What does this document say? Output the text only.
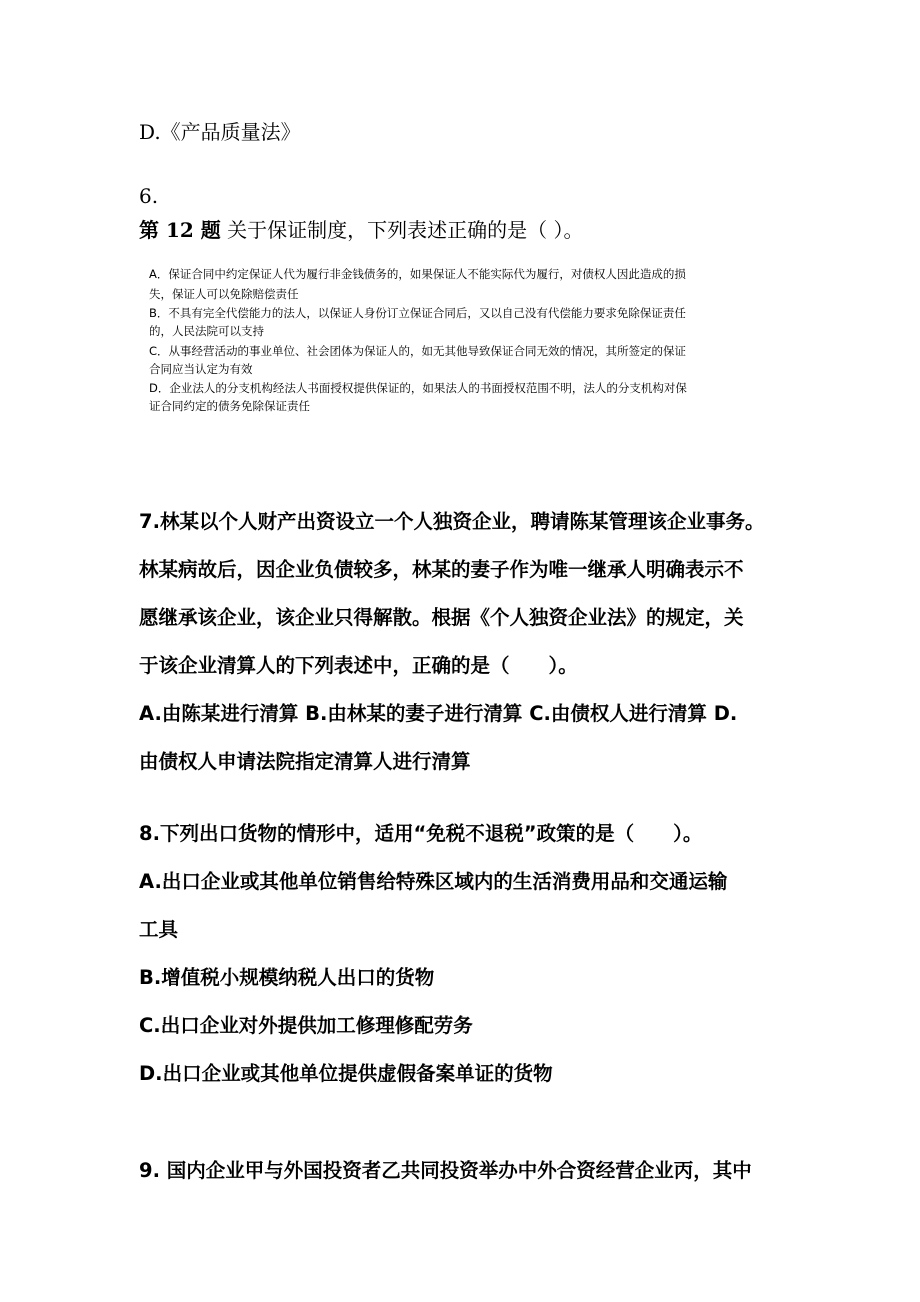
D.《产品质量法》
6.
第 12 题 关于保证制度，下列表述正确的是（ ）。
A．保证合同中约定保证人代为履行非金钱债务的，如果保证人不能实际代为履行，对债权人因此造成的损
失，保证人可以免除赔偿责任
B．不具有完全代偿能力的法人，以保证人身份订立保证合同后，又以自己没有代偿能力要求免除保证责任
的，人民法院可以支持
C．从事经营活动的事业单位、社会团体为保证人的，如无其他导致保证合同无效的情况，其所签定的保证
合同应当认定为有效
D．企业法人的分支机构经法人书面授权提供保证的，如果法人的书面授权范围不明，法人的分支机构对保
证合同约定的债务免除保证责任
7.林某以个人财产出资设立一个人独资企业，聘请陈某管理该企业事务。
林某病故后，因企业负债较多，林某的妻子作为唯一继承人明确表示不
愿继承该企业，该企业只得解散。根据《个人独资企业法》的规定，关
于该企业清算人的下列表述中，正确的是（　　）。
A.由陈某进行清算 B.由林某的妻子进行清算 C.由债权人进行清算 D.
由债权人申请法院指定清算人进行清算
8.下列出口货物的情形中，适用“免税不退税”政策的是（　　）。
A.出口企业或其他单位销售给特殊区域内的生活消费用品和交通运输
工具
B.增值税小规模纳税人出口的货物
C.出口企业对外提供加工修理修配劳务
D.出口企业或其他单位提供虚假备案单证的货物
9. 国内企业甲与外国投资者乙共同投资举办中外合资经营企业丙，其中
